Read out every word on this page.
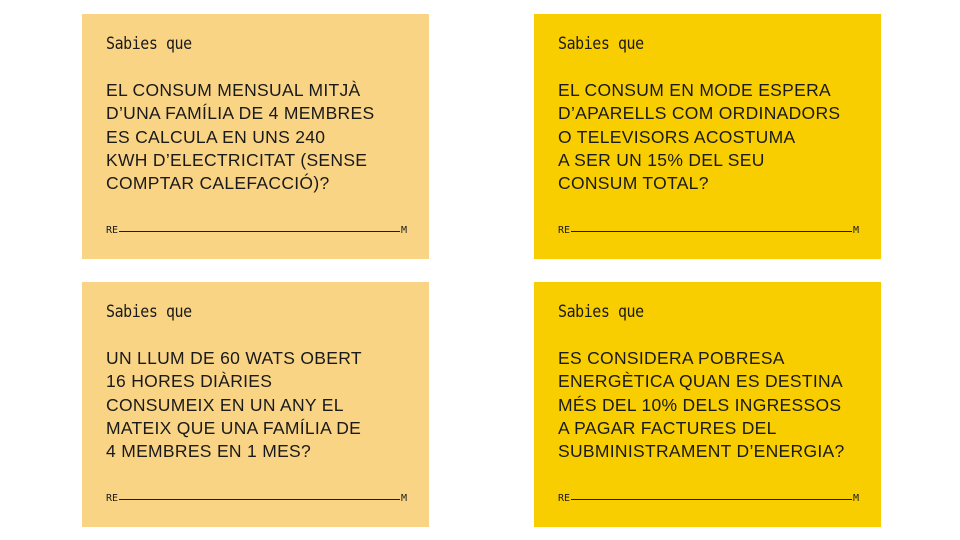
Sabies que

EL CONSUM MENSUAL MITJÀ
D’UNA FAMÍLIA DE 4 MEMBRES
ES CALCULA EN UNS 240
KWH D’ELECTRICITAT (SENSE
COMPTAR CALEFACCIÓ)?

RE	M
Sabies que

EL CONSUM EN MODE ESPERA
D’APARELLS COM ORDINADORS
O TELEVISORS ACOSTUMA
A SER UN 15% DEL SEU
CONSUM TOTAL?

RE	M
Sabies que

UN LLUM DE 60 WATS OBERT
16 HORES DIÀRIES
CONSUMEIX EN UN ANY EL
MATEIX QUE UNA FAMÍLIA DE
4 MEMBRES EN 1 MES?

RE	M
Sabies que

ES CONSIDERA POBRESA
ENERGÈTICA QUAN ES DESTINA
MÉS DEL 10% DELS INGRESSOS
A PAGAR FACTURES DEL
SUBMINISTRAMENT D’ENERGIA?

RE	M
